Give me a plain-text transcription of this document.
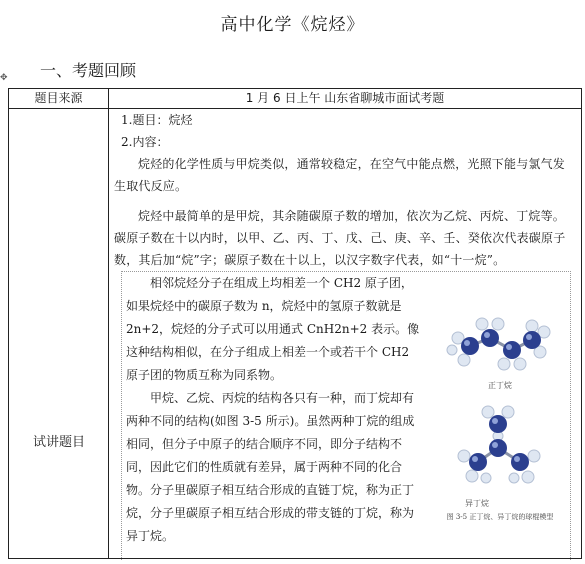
高中化学《烷烃》
一、考题回顾
✥
题目来源	1 月 6 日上午 山东省聊城市面试考题
试讲题目
1.题目：烷烃
2.内容：
烷烃的化学性质与甲烷类似，通常较稳定，在空气中能点燃，光照下能与氯气发生取代反应。
烷烃中最简单的是甲烷，其余随碳原子数的增加，依次为乙烷、丙烷、丁烷等。碳原子数在十以内时，以甲、乙、丙、丁、戊、己、庚、辛、壬、癸依次代表碳原子数，其后加“烷”字；碳原子数在十以上，以汉字数字代表，如“十一烷”。

相邻烷烃分子在组成上均相差一个 CH2 原子团，如果烷烃中的碳原子数为 n，烷烃中的氢原子数就是 2n+2，烷烃的分子式可以用通式 CnH2n+2 表示。像这种结构相似，在分子组成上相差一个或若干个 CH2 原子团的物质互称为同系物。

甲烷、乙烷、丙烷的结构各只有一种，而丁烷却有两种不同的结构(如图 3-5 所示)。虽然两种丁烷的组成相同，但分子中原子的结合顺序不同，即分子结构不同，因此它们的性质就有差异，属于两种不同的化合物。分子里碳原子相互结合形成的直链丁烷，称为正丁烷，分子里碳原子相互结合形成的带支链的丁烷，称为异丁烷。

正丁烷
异丁烷
图 3-5 正丁烷、异丁烷的球棍模型
